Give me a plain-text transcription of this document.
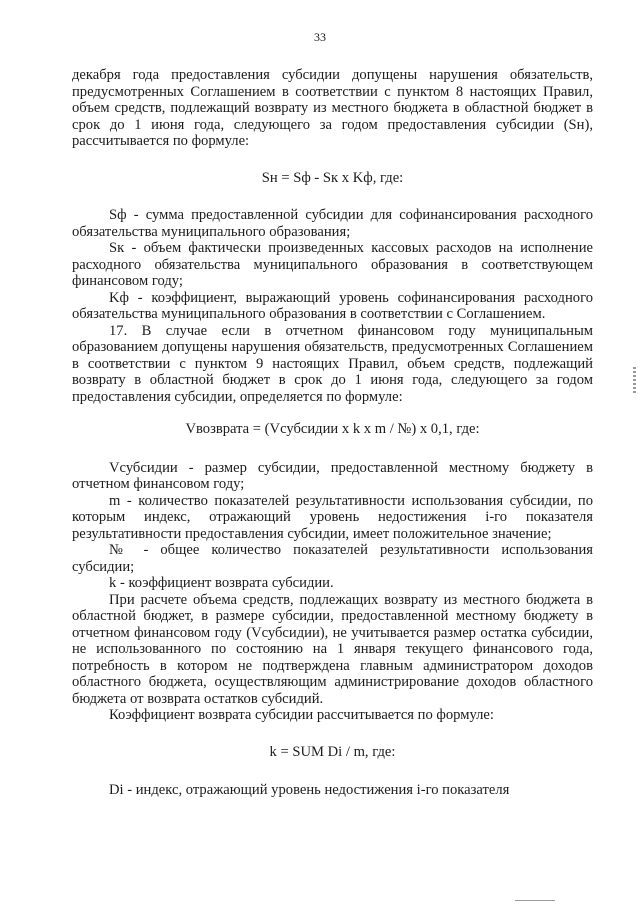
33

декабря года предоставления субсидии допущены нарушения обязательств, предусмотренных Соглашением в соответствии с пунктом 8 настоящих Правил, объем средств, подлежащий возврату из местного бюджета в областной бюджет в срок до 1 июня года, следующего за годом предоставления субсидии (Sн), рассчитывается по формуле:

Sн = Sф - Sк x Kф, где:

Sф - сумма предоставленной субсидии для софинансирования расходного обязательства муниципального образования;

Sк - объем фактически произведенных кассовых расходов на исполнение расходного обязательства муниципального образования в соответствующем финансовом году;

Kф - коэффициент, выражающий уровень софинансирования расходного обязательства муниципального образования в соответствии с Соглашением.

17. В случае если в отчетном финансовом году муниципальным образованием допущены нарушения обязательств, предусмотренных Соглашением в соответствии с пунктом 9 настоящих Правил, объем средств, подлежащий возврату в областной бюджет в срок до 1 июня года, следующего за годом предоставления субсидии, определяется по формуле:

Vвозврата = (Vсубсидии x k x m / №) x 0,1, где:

Vсубсидии - размер субсидии, предоставленной местному бюджету в отчетном финансовом году;

m - количество показателей результативности использования субсидии, по которым индекс, отражающий уровень недостижения i-го показателя результативности предоставления субсидии, имеет положительное значение;

№ - общее количество показателей результативности использования субсидии;

k - коэффициент возврата субсидии.

При расчете объема средств, подлежащих возврату из местного бюджета в областной бюджет, в размере субсидии, предоставленной местному бюджету в отчетном финансовом году (Vсубсидии), не учитывается размер остатка субсидии, не использованного по состоянию на 1 января текущего финансового года, потребность в котором не подтверждена главным администратором доходов областного бюджета, осуществляющим администрирование доходов областного бюджета от возврата остатков субсидий.

Коэффициент возврата субсидии рассчитывается по формуле:

k = SUM Di / m, где:

Di - индекс, отражающий уровень недостижения i-го показателя
